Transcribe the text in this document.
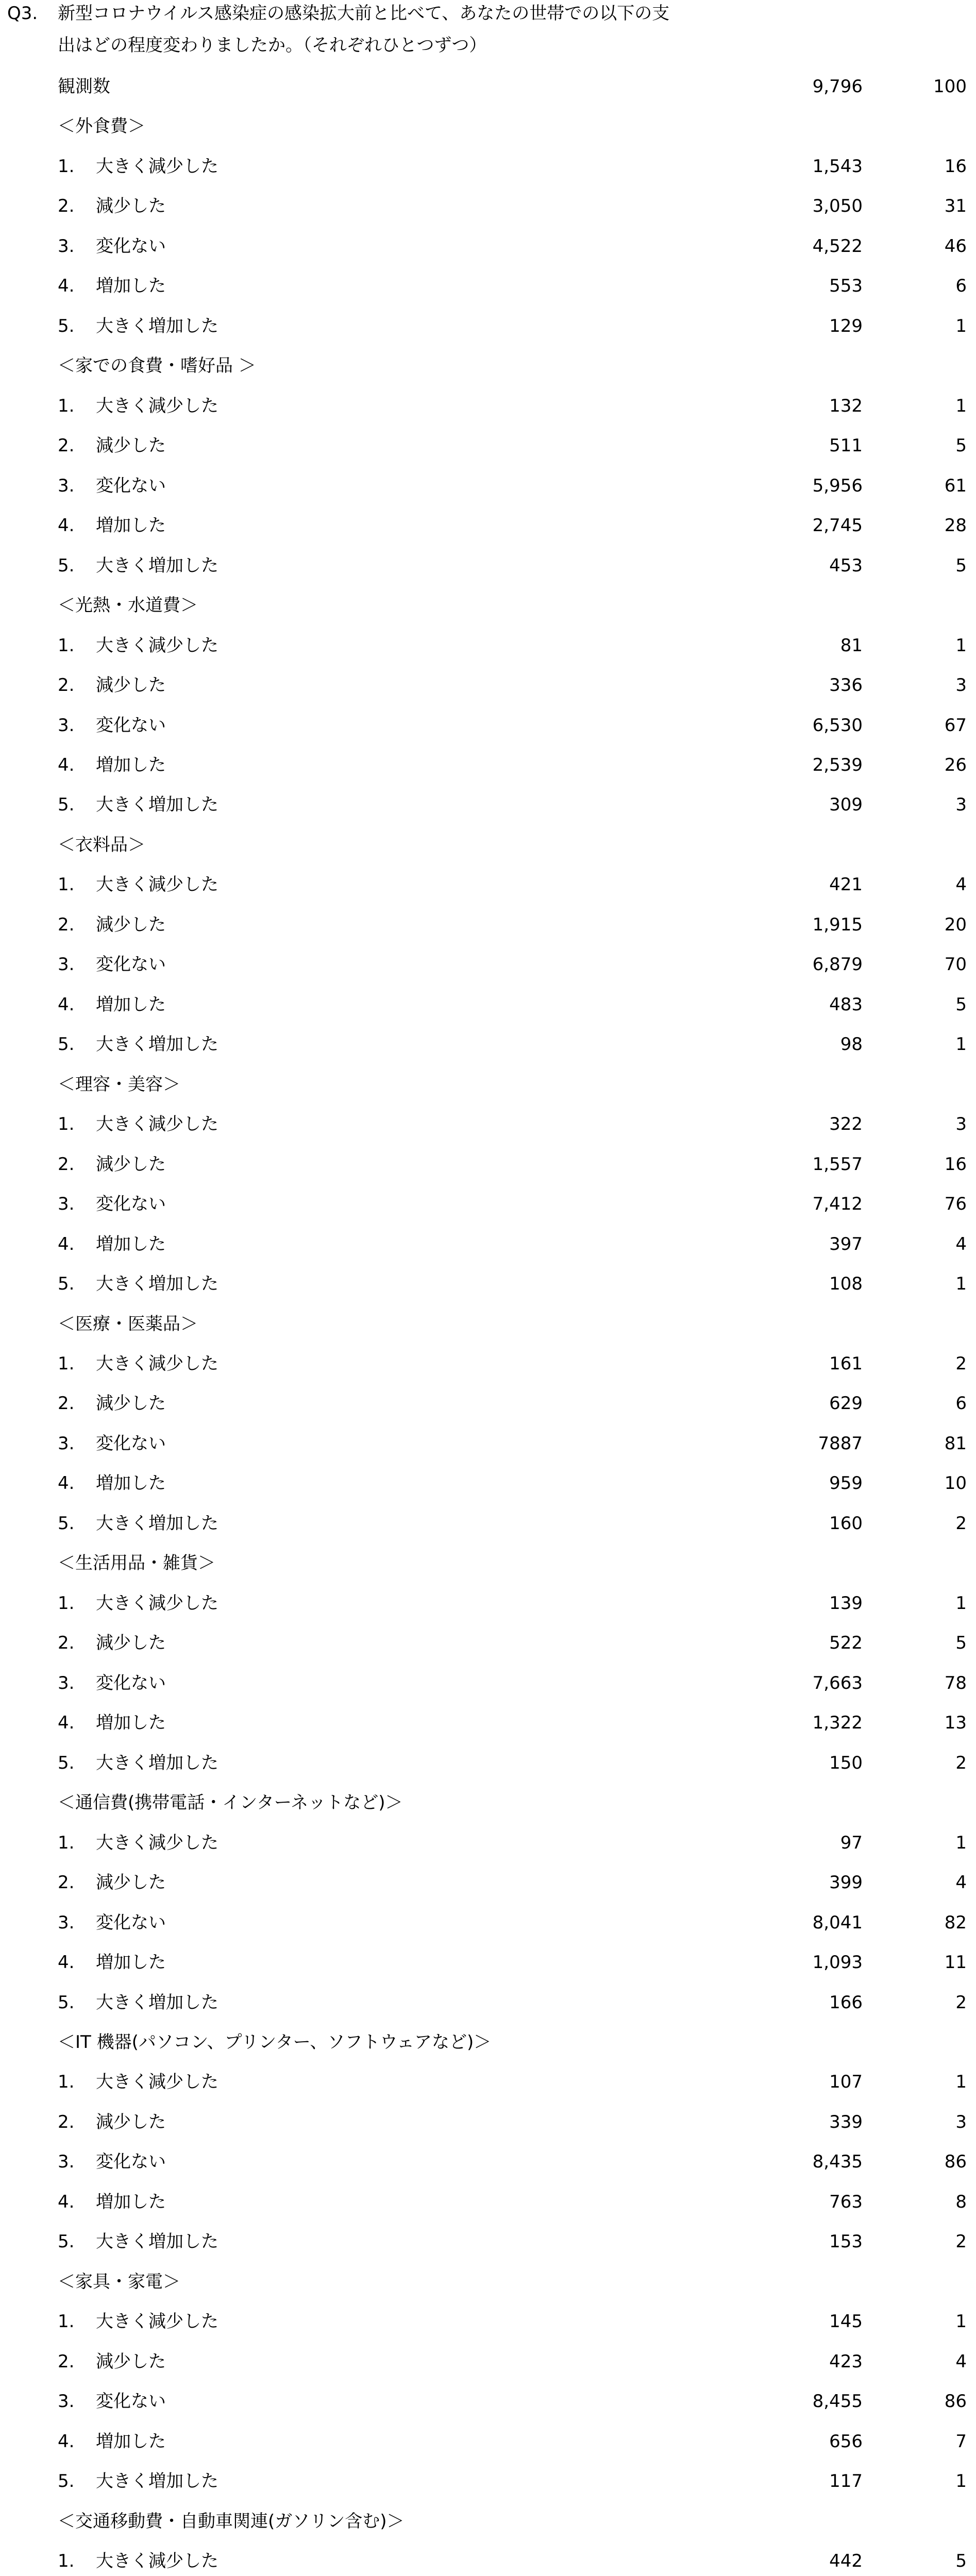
Q3. 新型コロナウイルス感染症の感染拡大前と比べて、あなたの世帯での以下の支
出はどの程度変わりましたか。（それぞれひとつずつ）
観測数	9,796	100
＜外食費＞
1. 大きく減少した	1,543	16
2. 減少した	3,050	31
3. 変化ない	4,522	46
4. 増加した	553	6
5. 大きく増加した	129	1
＜家での食費・嗜好品 ＞
1. 大きく減少した	132	1
2. 減少した	511	5
3. 変化ない	5,956	61
4. 増加した	2,745	28
5. 大きく増加した	453	5
＜光熱・水道費＞
1. 大きく減少した	81	1
2. 減少した	336	3
3. 変化ない	6,530	67
4. 増加した	2,539	26
5. 大きく増加した	309	3
＜衣料品＞
1. 大きく減少した	421	4
2. 減少した	1,915	20
3. 変化ない	6,879	70
4. 増加した	483	5
5. 大きく増加した	98	1
＜理容・美容＞
1. 大きく減少した	322	3
2. 減少した	1,557	16
3. 変化ない	7,412	76
4. 増加した	397	4
5. 大きく増加した	108	1
＜医療・医薬品＞
1. 大きく減少した	161	2
2. 減少した	629	6
3. 変化ない	7887	81
4. 増加した	959	10
5. 大きく増加した	160	2
＜生活用品・雑貨＞
1. 大きく減少した	139	1
2. 減少した	522	5
3. 変化ない	7,663	78
4. 増加した	1,322	13
5. 大きく増加した	150	2
＜通信費(携帯電話・インターネットなど)＞
1. 大きく減少した	97	1
2. 減少した	399	4
3. 変化ない	8,041	82
4. 増加した	1,093	11
5. 大きく増加した	166	2
＜IT 機器(パソコン、プリンター、ソフトウェアなど)＞
1. 大きく減少した	107	1
2. 減少した	339	3
3. 変化ない	8,435	86
4. 増加した	763	8
5. 大きく増加した	153	2
＜家具・家電＞
1. 大きく減少した	145	1
2. 減少した	423	4
3. 変化ない	8,455	86
4. 増加した	656	7
5. 大きく増加した	117	1
＜交通移動費・自動車関連(ガソリン含む)＞
1. 大きく減少した	442	5
